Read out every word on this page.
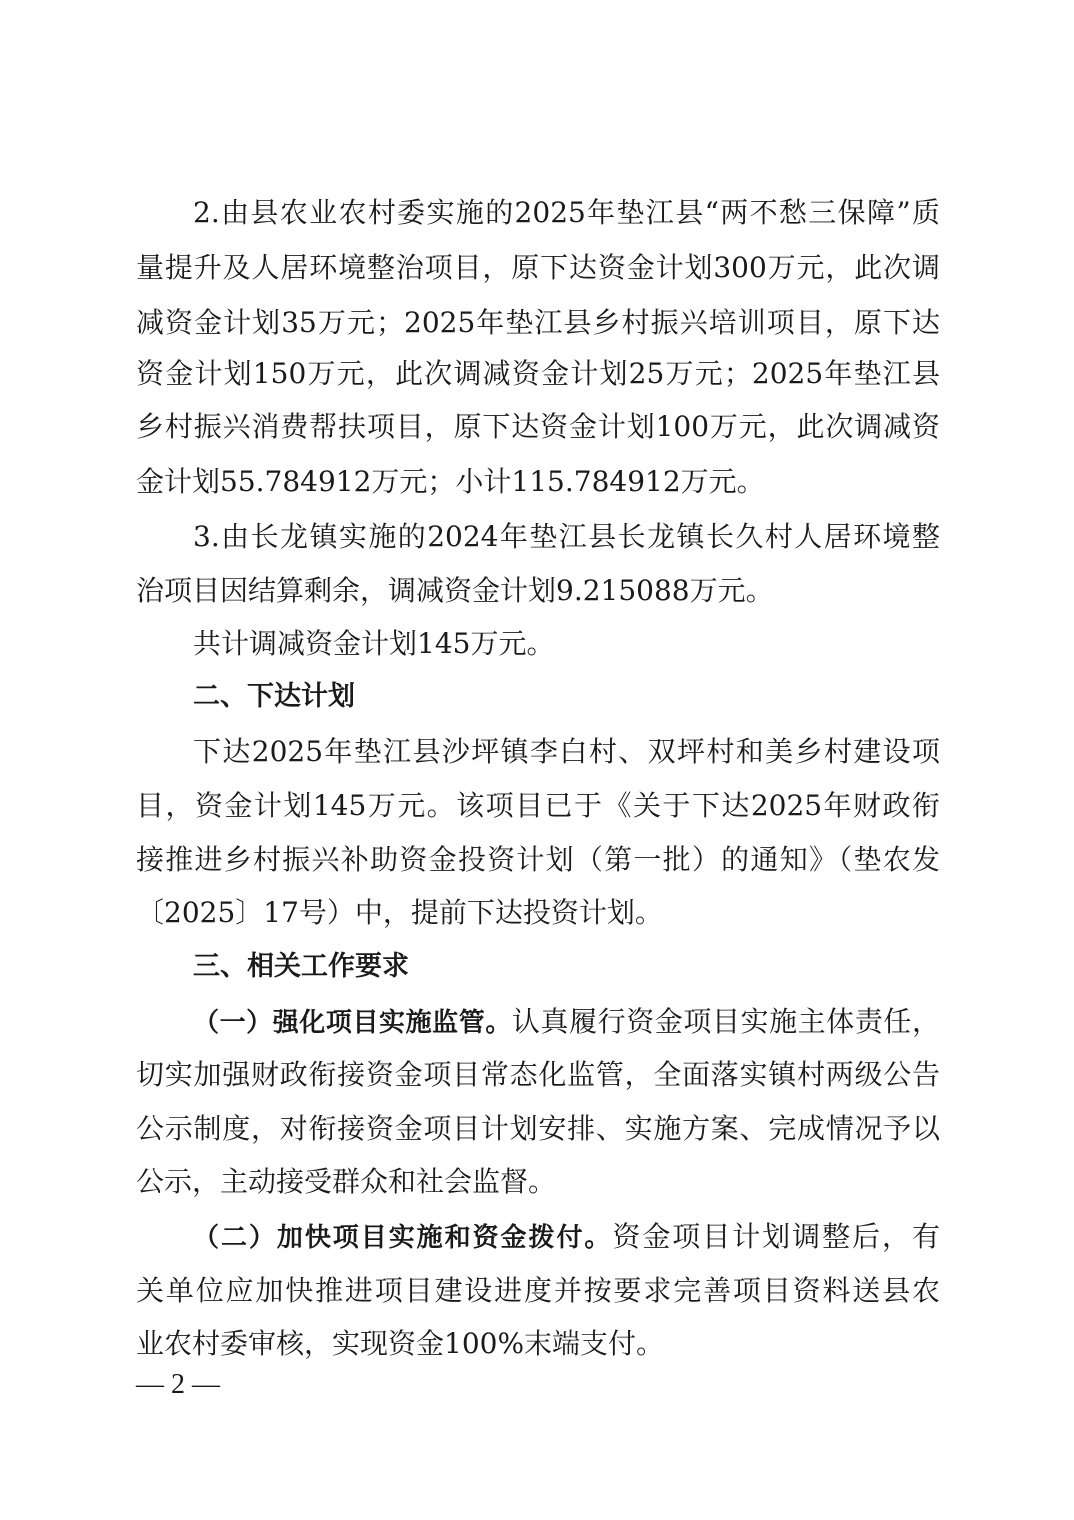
2.由县农业农村委实施的2025年垫江县“两不愁三保障”质
量提升及人居环境整治项目，原下达资金计划300万元，此次调
减资金计划35万元；2025年垫江县乡村振兴培训项目，原下达
资金计划150万元，此次调减资金计划25万元；2025年垫江县
乡村振兴消费帮扶项目，原下达资金计划100万元，此次调减资
金计划55.784912万元；小计115.784912万元。
3.由长龙镇实施的2024年垫江县长龙镇长久村人居环境整
治项目因结算剩余，调减资金计划9.215088万元。
共计调减资金计划145万元。
二、下达计划
下达2025年垫江县沙坪镇李白村、双坪村和美乡村建设项
目，资金计划145万元。该项目已于《关于下达2025年财政衔
接推进乡村振兴补助资金投资计划（第一批）的通知》（垫农发
〔2025〕17号）中，提前下达投资计划。
三、相关工作要求
（一）强化项目实施监管。认真履行资金项目实施主体责任，
切实加强财政衔接资金项目常态化监管，全面落实镇村两级公告
公示制度，对衔接资金项目计划安排、实施方案、完成情况予以
公示，主动接受群众和社会监督。
（二）加快项目实施和资金拨付。资金项目计划调整后，有
关单位应加快推进项目建设进度并按要求完善项目资料送县农
业农村委审核，实现资金100%末端支付。
— 2 —
